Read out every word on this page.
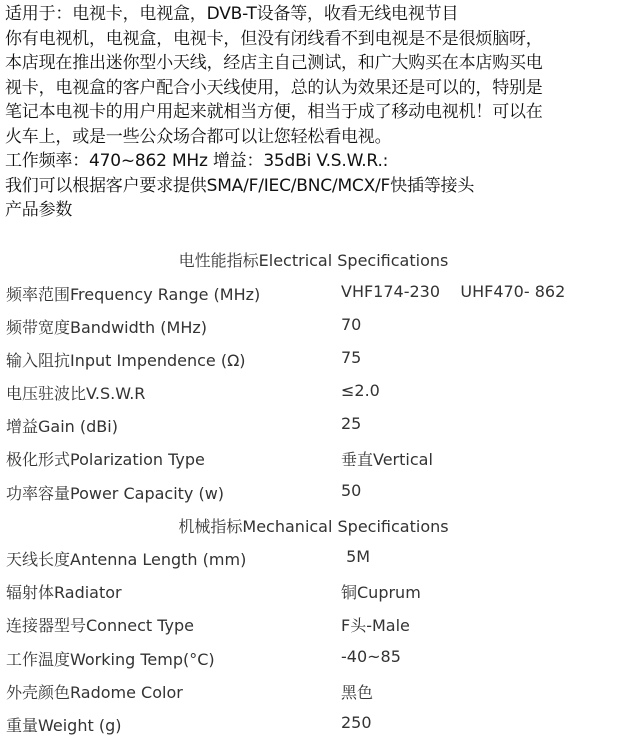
适用于：电视卡，电视盒，DVB-T设备等，收看无线电视节目
你有电视机，电视盒，电视卡，但没有闭线看不到电视是不是很烦脑呀，
本店现在推出迷你型小天线，经店主自己测试，和广大购买在本店购买电
视卡，电视盒的客户配合小天线使用，总的认为效果还是可以的，特别是
笔记本电视卡的用户用起来就相当方便，相当于成了移动电视机！可以在
火车上，或是一些公众场合都可以让您轻松看电视。
工作频率：470~862 MHz 增益：35dBi V.S.W.R.:
我们可以根据客户要求提供SMA/F/IEC/BNC/MCX/F快插等接头
产品参数
电性能指标Electrical Specifications
频率范围Frequency Range (MHz)	VHF174-230    UHF470- 862
频带宽度Bandwidth (MHz)	70
输入阻抗Input Impendence (Ω)	75
电压驻波比V.S.W.R	≤2.0
增益Gain (dBi)	25
极化形式Polarization Type	垂直Vertical
功率容量Power Capacity (w)	50
机械指标Mechanical Specifications
天线长度Antenna Length (mm)	5M
辐射体Radiator	铜Cuprum
连接器型号Connect Type	F头-Male
工作温度Working Temp(°C)	-40~85
外壳颜色Radome Color	黑色
重量Weight (g)	250
